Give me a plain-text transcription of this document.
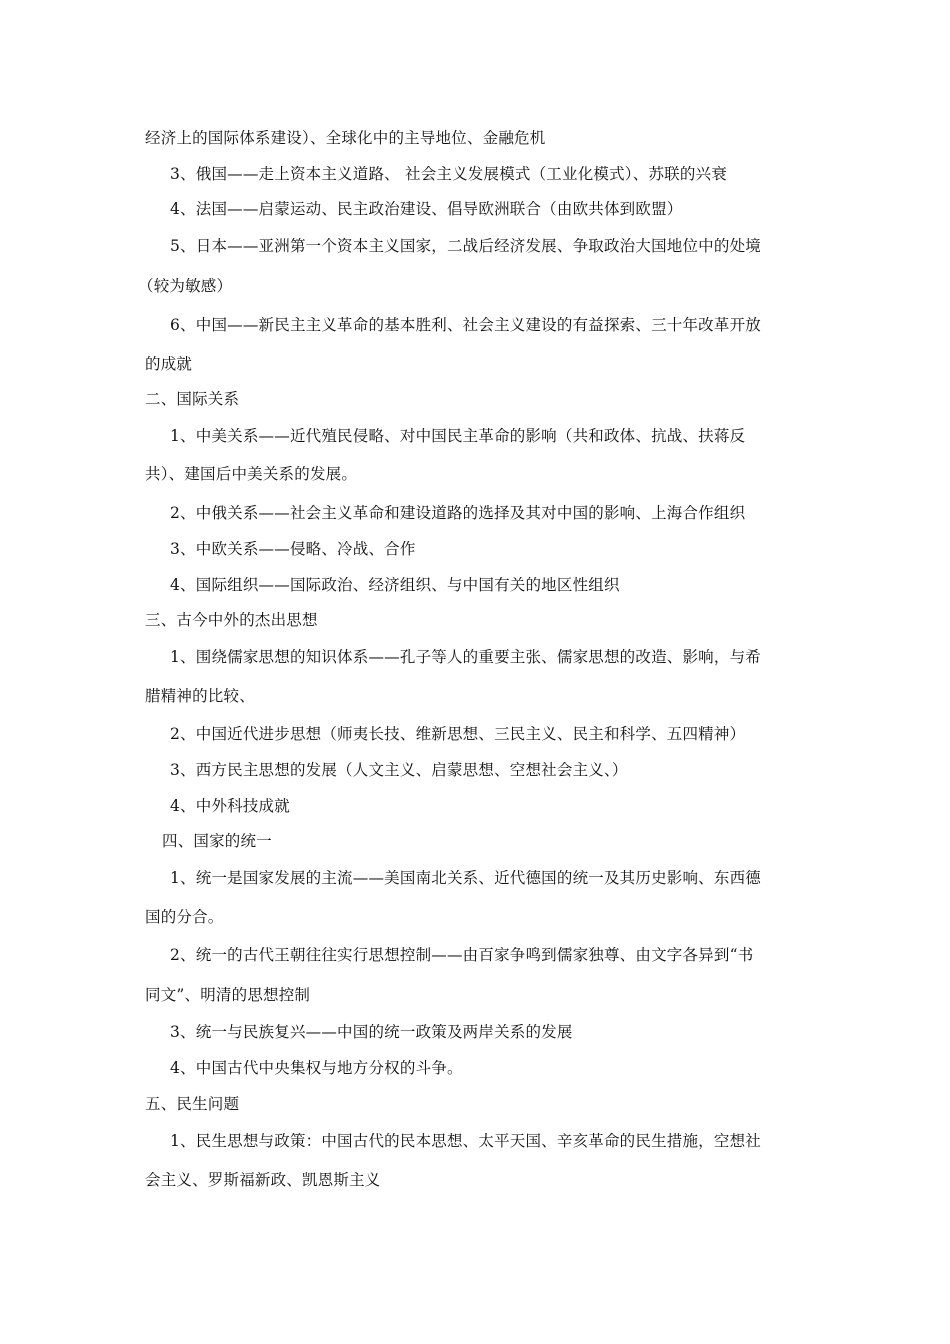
经济上的国际体系建设）、全球化中的主导地位、金融危机
3、俄国——走上资本主义道路、 社会主义发展模式（工业化模式）、苏联的兴衰
4、法国——启蒙运动、民主政治建设、倡导欧洲联合（由欧共体到欧盟）
5、日本——亚洲第一个资本主义国家，二战后经济发展、争取政治大国地位中的处境
（较为敏感）
6、中国——新民主主义革命的基本胜利、社会主义建设的有益探索、三十年改革开放
的成就
二、国际关系
1、中美关系——近代殖民侵略、对中国民主革命的影响（共和政体、抗战、扶蒋反
共）、建国后中美关系的发展。
2、中俄关系——社会主义革命和建设道路的选择及其对中国的影响、上海合作组织
3、中欧关系——侵略、冷战、合作
4、国际组织——国际政治、经济组织、与中国有关的地区性组织
三、古今中外的杰出思想
1、围绕儒家思想的知识体系——孔子等人的重要主张、儒家思想的改造、影响，与希
腊精神的比较、
2、中国近代进步思想（师夷长技、维新思想、三民主义、民主和科学、五四精神）
3、西方民主思想的发展（人文主义、启蒙思想、空想社会主义、）
4、中外科技成就
四、国家的统一
1、统一是国家发展的主流——美国南北关系、近代德国的统一及其历史影响、东西德
国的分合。
2、统一的古代王朝往往实行思想控制——由百家争鸣到儒家独尊、由文字各异到“书
同文”、明清的思想控制
3、统一与民族复兴——中国的统一政策及两岸关系的发展
4、中国古代中央集权与地方分权的斗争。
五、民生问题
1、民生思想与政策：中国古代的民本思想、太平天国、辛亥革命的民生措施，空想社
会主义、罗斯福新政、凯恩斯主义
